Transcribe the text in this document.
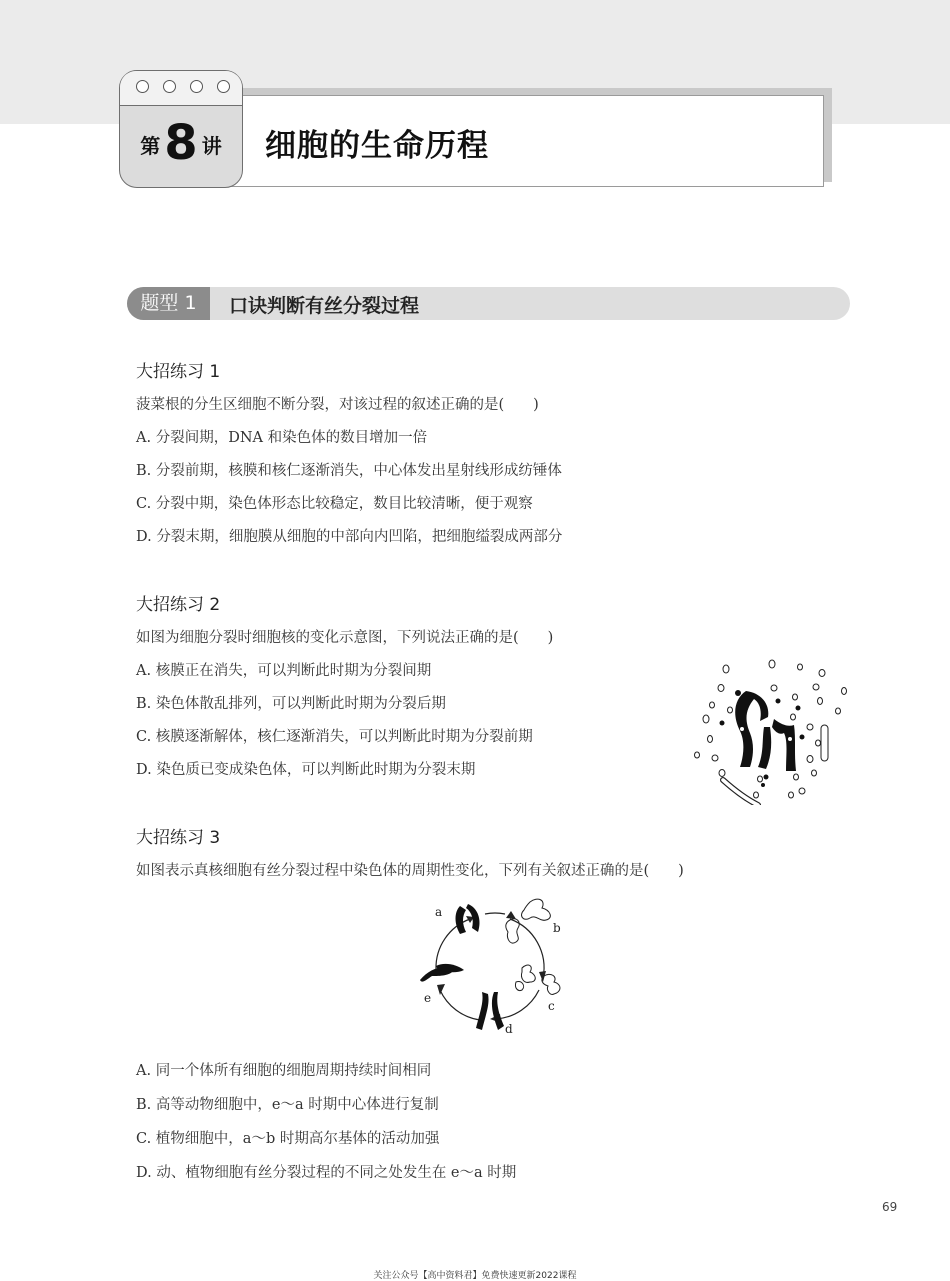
细胞的生命历程
第8 讲
题型 1	口诀判断有丝分裂过程
大招练习 1
菠菜根的分生区细胞不断分裂，对该过程的叙述正确的是(　　)
A. 分裂间期，DNA 和染色体的数目增加一倍
B. 分裂前期，核膜和核仁逐渐消失，中心体发出星射线形成纺锤体
C. 分裂中期，染色体形态比较稳定，数目比较清晰，便于观察
D. 分裂末期，细胞膜从细胞的中部向内凹陷，把细胞缢裂成两部分
大招练习 2
如图为细胞分裂时细胞核的变化示意图，下列说法正确的是(　　)
A. 核膜正在消失，可以判断此时期为分裂间期
B. 染色体散乱排列，可以判断此时期为分裂后期
C. 核膜逐渐解体，核仁逐渐消失，可以判断此时期为分裂前期
D. 染色质已变成染色体，可以判断此时期为分裂末期
大招练习 3
如图表示真核细胞有丝分裂过程中染色体的周期性变化，下列有关叙述正确的是(　　)
a
b
c
d
e
A. 同一个体所有细胞的细胞周期持续时间相同
B. 高等动物细胞中，e～a 时期中心体进行复制
C. 植物细胞中，a～b 时期高尔基体的活动加强
D. 动、植物细胞有丝分裂过程的不同之处发生在 e～a 时期
69
关注公众号【高中资料君】免费快速更新2022课程
